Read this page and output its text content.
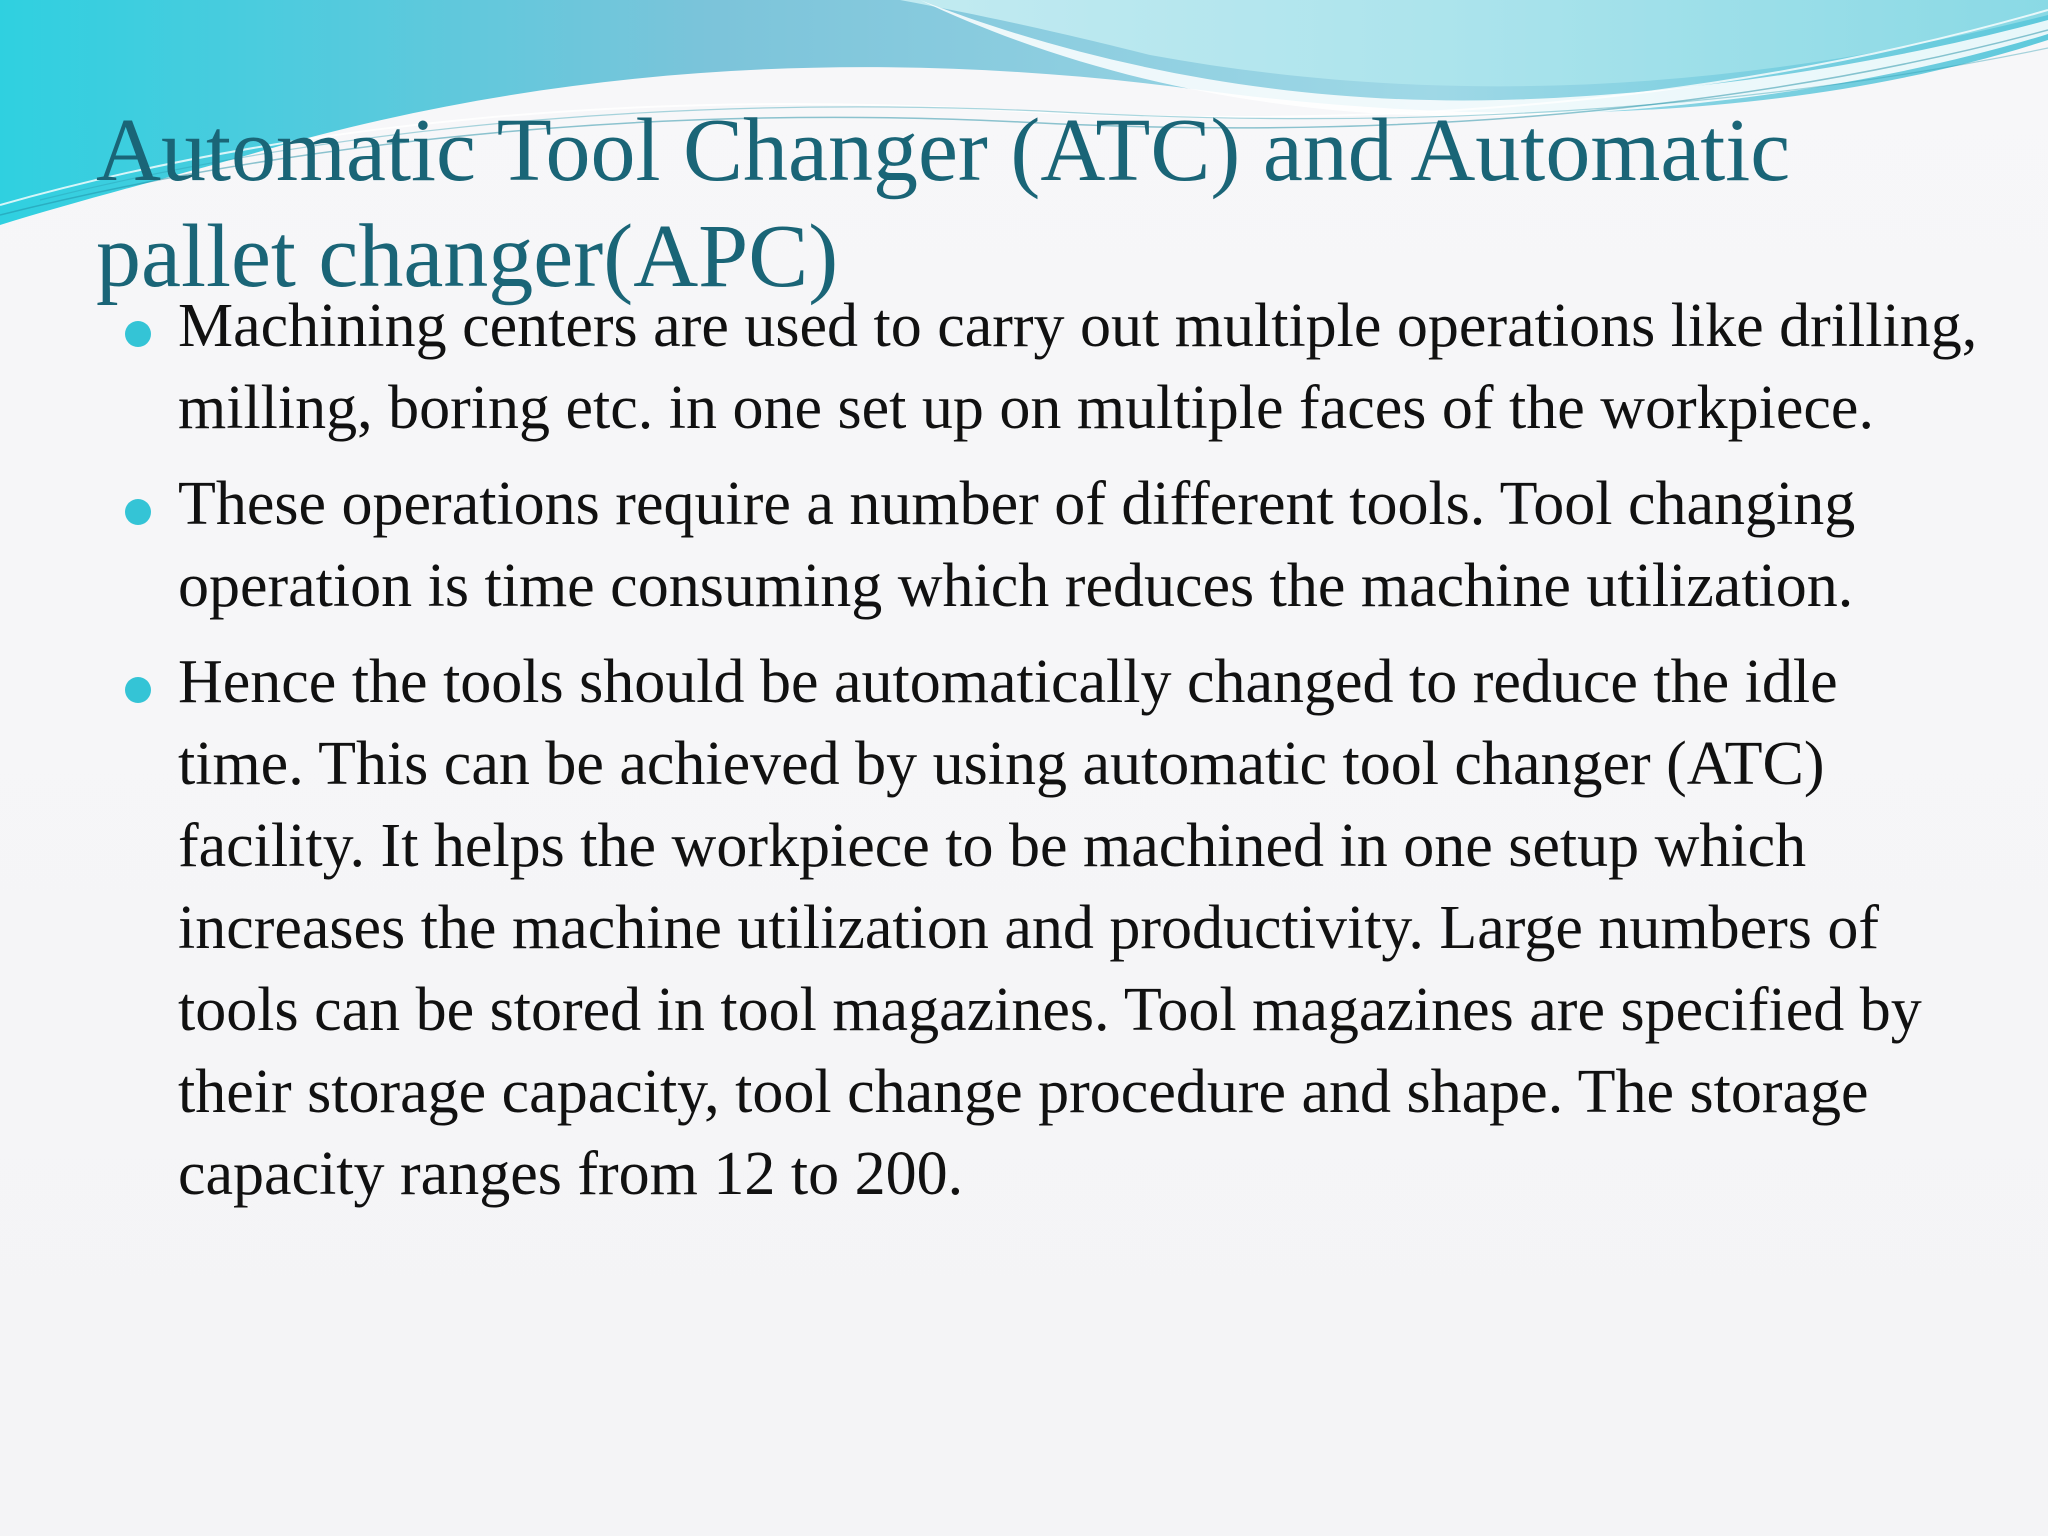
Automatic Tool Changer (ATC) and Automatic pallet changer(APC)
Machining centers are used to carry out multiple operations like drilling, milling, boring etc. in one set up on multiple faces of the workpiece.
These operations require a number of different tools. Tool changing operation is time consuming which reduces the machine utilization.
Hence the tools should be automatically changed to reduce the idle time. This can be achieved by using automatic tool changer (ATC) facility. It helps the workpiece to be machined in one setup which increases the machine utilization and productivity. Large numbers of tools can be stored in tool magazines. Tool magazines are specified by their storage capacity, tool change procedure and shape. The storage capacity ranges from 12 to 200.
